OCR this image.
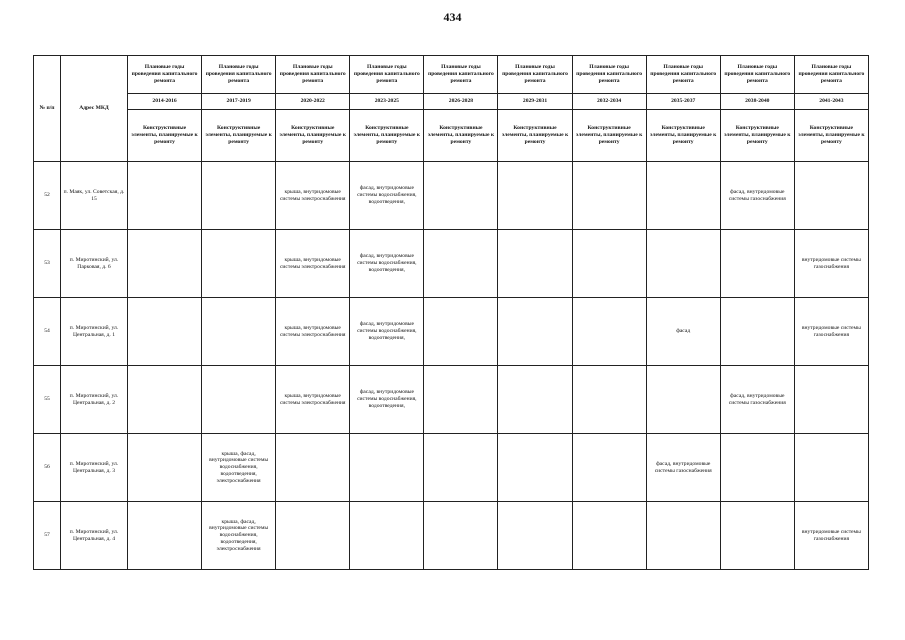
434
№ п/п	Адрес МКД	Плановые годы проведения капитального ремонта	Плановые годы проведения капитального ремонта	Плановые годы проведения капитального ремонта	Плановые годы проведения капитального ремонта	Плановые годы проведения капитального ремонта	Плановые годы проведения капитального ремонта	Плановые годы проведения капитального ремонта	Плановые годы проведения капитального ремонта	Плановые годы проведения капитального ремонта	Плановые годы проведения капитального ремонта
		2014-2016	2017-2019	2020-2022	2023-2025	2026-2028	2029-2031	2032-2034	2035-2037	2038-2040	2041-2043
		Конструктивные элементы, планируемые к ремонту	Конструктивные элементы, планируемые к ремонту	Конструктивные элементы, планируемые к ремонту	Конструктивные элементы, планируемые к ремонту	Конструктивные элементы, планируемые к ремонту	Конструктивные элементы, планируемые к ремонту	Конструктивные элементы, планируемые к ремонту	Конструктивные элементы, планируемые к ремонту	Конструктивные элементы, планируемые к ремонту	Конструктивные элементы, планируемые к ремонту
52	п. Маяк, ул. Советская, д. 15			крыша, внутридомовые системы электроснабжения	фасад, внутридомовые системы водоснабжения, водоотведения,					фасад, внутридомовые системы газоснабжения	
53	п. Миротинский, ул. Парковая, д. 6			крыша, внутридомовые системы электроснабжения	фасад, внутридомовые системы водоснабжения, водоотведения,						внутридомовые системы газоснабжения
54	п. Миротинский, ул. Центральная, д. 1			крыша, внутридомовые системы электроснабжения	фасад, внутридомовые системы водоснабжения, водоотведения,				фасад		внутридомовые системы газоснабжения
55	п. Миротинский, ул. Центральная, д. 2			крыша, внутридомовые системы электроснабжения	фасад, внутридомовые системы водоснабжения, водоотведения,					фасад, внутридомовые системы газоснабжения	
56	п. Миротинский, ул. Центральная, д. 3		крыша, фасад, внутридомовые системы водоснабжения, водоотведения, электроснабжения						фасад, внутридомовые системы газоснабжения		
57	п. Миротинский, ул. Центральная, д. 4		крыша, фасад, внутридомовые системы водоснабжения, водоотведения, электроснабжения								внутридомовые системы газоснабжения
